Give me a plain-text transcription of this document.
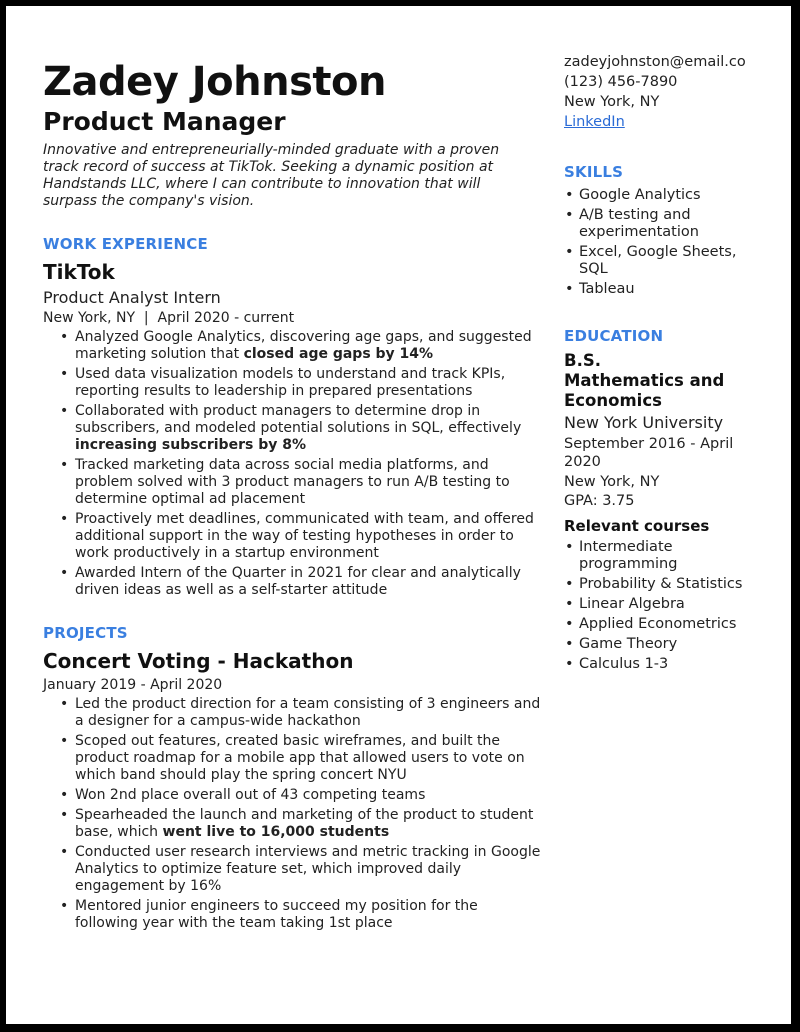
Zadey Johnston
Product Manager
Innovative and entrepreneurially-minded graduate with a proven track record of success at TikTok. Seeking a dynamic position at Handstands LLC, where I can contribute to innovation that will surpass the company's vision.
WORK EXPERIENCE
TikTok
Product Analyst Intern
New York, NY  |  April 2020 - current
• Analyzed Google Analytics, discovering age gaps, and suggested marketing solution that closed age gaps by 14%
• Used data visualization models to understand and track KPIs, reporting results to leadership in prepared presentations
• Collaborated with product managers to determine drop in subscribers, and modeled potential solutions in SQL, effectively increasing subscribers by 8%
• Tracked marketing data across social media platforms, and problem solved with 3 product managers to run A/B testing to determine optimal ad placement
• Proactively met deadlines, communicated with team, and offered additional support in the way of testing hypotheses in order to work productively in a startup environment
• Awarded Intern of the Quarter in 2021 for clear and analytically driven ideas as well as a self-starter attitude
PROJECTS
Concert Voting - Hackathon
January 2019 - April 2020
• Led the product direction for a team consisting of 3 engineers and a designer for a campus-wide hackathon
• Scoped out features, created basic wireframes, and built the product roadmap for a mobile app that allowed users to vote on which band should play the spring concert NYU
• Won 2nd place overall out of 43 competing teams
• Spearheaded the launch and marketing of the product to student base, which went live to 16,000 students
• Conducted user research interviews and metric tracking in Google Analytics to optimize feature set, which improved daily engagement by 16%
• Mentored junior engineers to succeed my position for the following year with the team taking 1st place
zadeyjohnston@email.co
(123) 456-7890
New York, NY
LinkedIn
SKILLS
• Google Analytics
• A/B testing and experimentation
• Excel, Google Sheets, SQL
• Tableau
EDUCATION
B.S.
Mathematics and Economics
New York University
September 2016 - April 2020
New York, NY
GPA: 3.75
Relevant courses
• Intermediate programming
• Probability & Statistics
• Linear Algebra
• Applied Econometrics
• Game Theory
• Calculus 1-3
